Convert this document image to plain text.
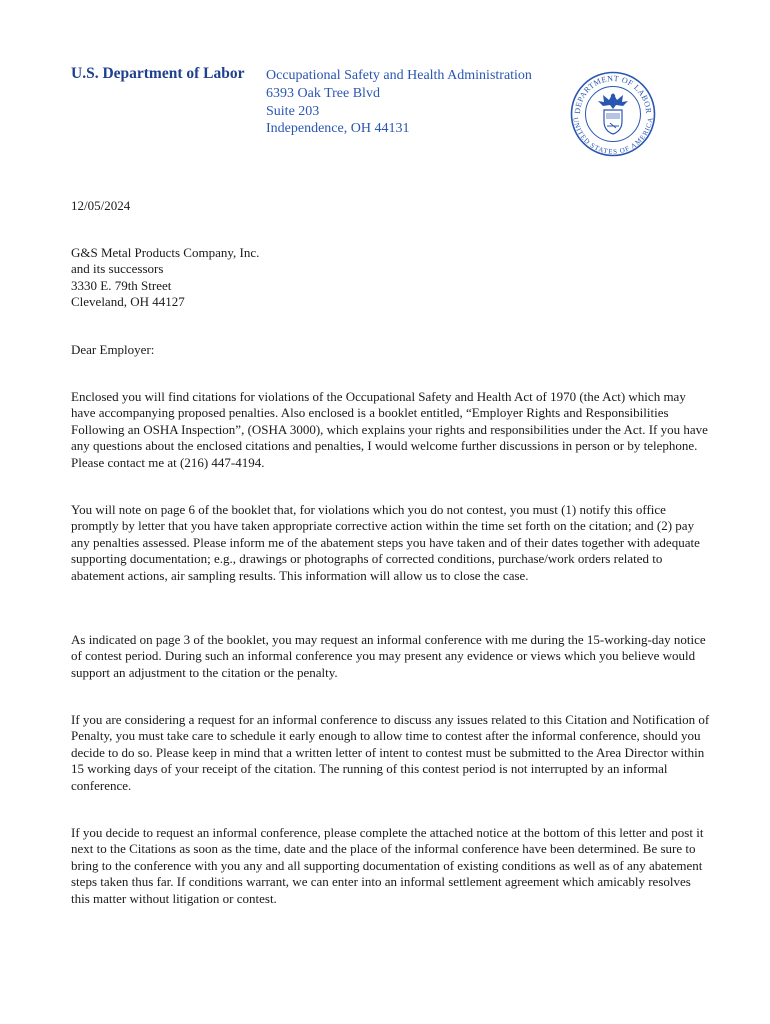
U.S. Department of Labor Occupational Safety and Health Administration
6393 Oak Tree Blvd
Suite 203
Independence, OH 44131
DEPARTMENT OF LABOR
UNITED STATES OF AMERICA
12/05/2024
G&S Metal Products Company, Inc.
and its successors
3330 E. 79th Street
Cleveland, OH 44127
Dear Employer:

Enclosed you will find citations for violations of the Occupational Safety and Health Act of 1970 (the Act) which may have accompanying proposed penalties. Also enclosed is a booklet entitled, “Employer Rights and Responsibilities Following an OSHA Inspection”, (OSHA 3000), which explains your rights and responsibilities under the Act. If you have any questions about the enclosed citations and penalties, I would welcome further discussions in person or by telephone. Please contact me at (216) 447-4194.

You will note on page 6 of the booklet that, for violations which you do not contest, you must (1) notify this office promptly by letter that you have taken appropriate corrective action within the time set forth on the citation; and (2) pay any penalties assessed. Please inform me of the abatement steps you have taken and of their dates together with adequate supporting documentation; e.g., drawings or photographs of corrected conditions, purchase/work orders related to abatement actions, air sampling results. This information will allow us to close the case.

As indicated on page 3 of the booklet, you may request an informal conference with me during the 15-working-day notice of contest period. During such an informal conference you may present any evidence or views which you believe would support an adjustment to the citation or the penalty.

If you are considering a request for an informal conference to discuss any issues related to this Citation and Notification of Penalty, you must take care to schedule it early enough to allow time to contest after the informal conference, should you decide to do so. Please keep in mind that a written letter of intent to contest must be submitted to the Area Director within 15 working days of your receipt of the citation. The running of this contest period is not interrupted by an informal conference.

If you decide to request an informal conference, please complete the attached notice at the bottom of this letter and post it next to the Citations as soon as the time, date and the place of the informal conference have been determined. Be sure to bring to the conference with you any and all supporting documentation of existing conditions as well as of any abatement steps taken thus far. If conditions warrant, we can enter into an informal settlement agreement which amicably resolves this matter without litigation or contest.
